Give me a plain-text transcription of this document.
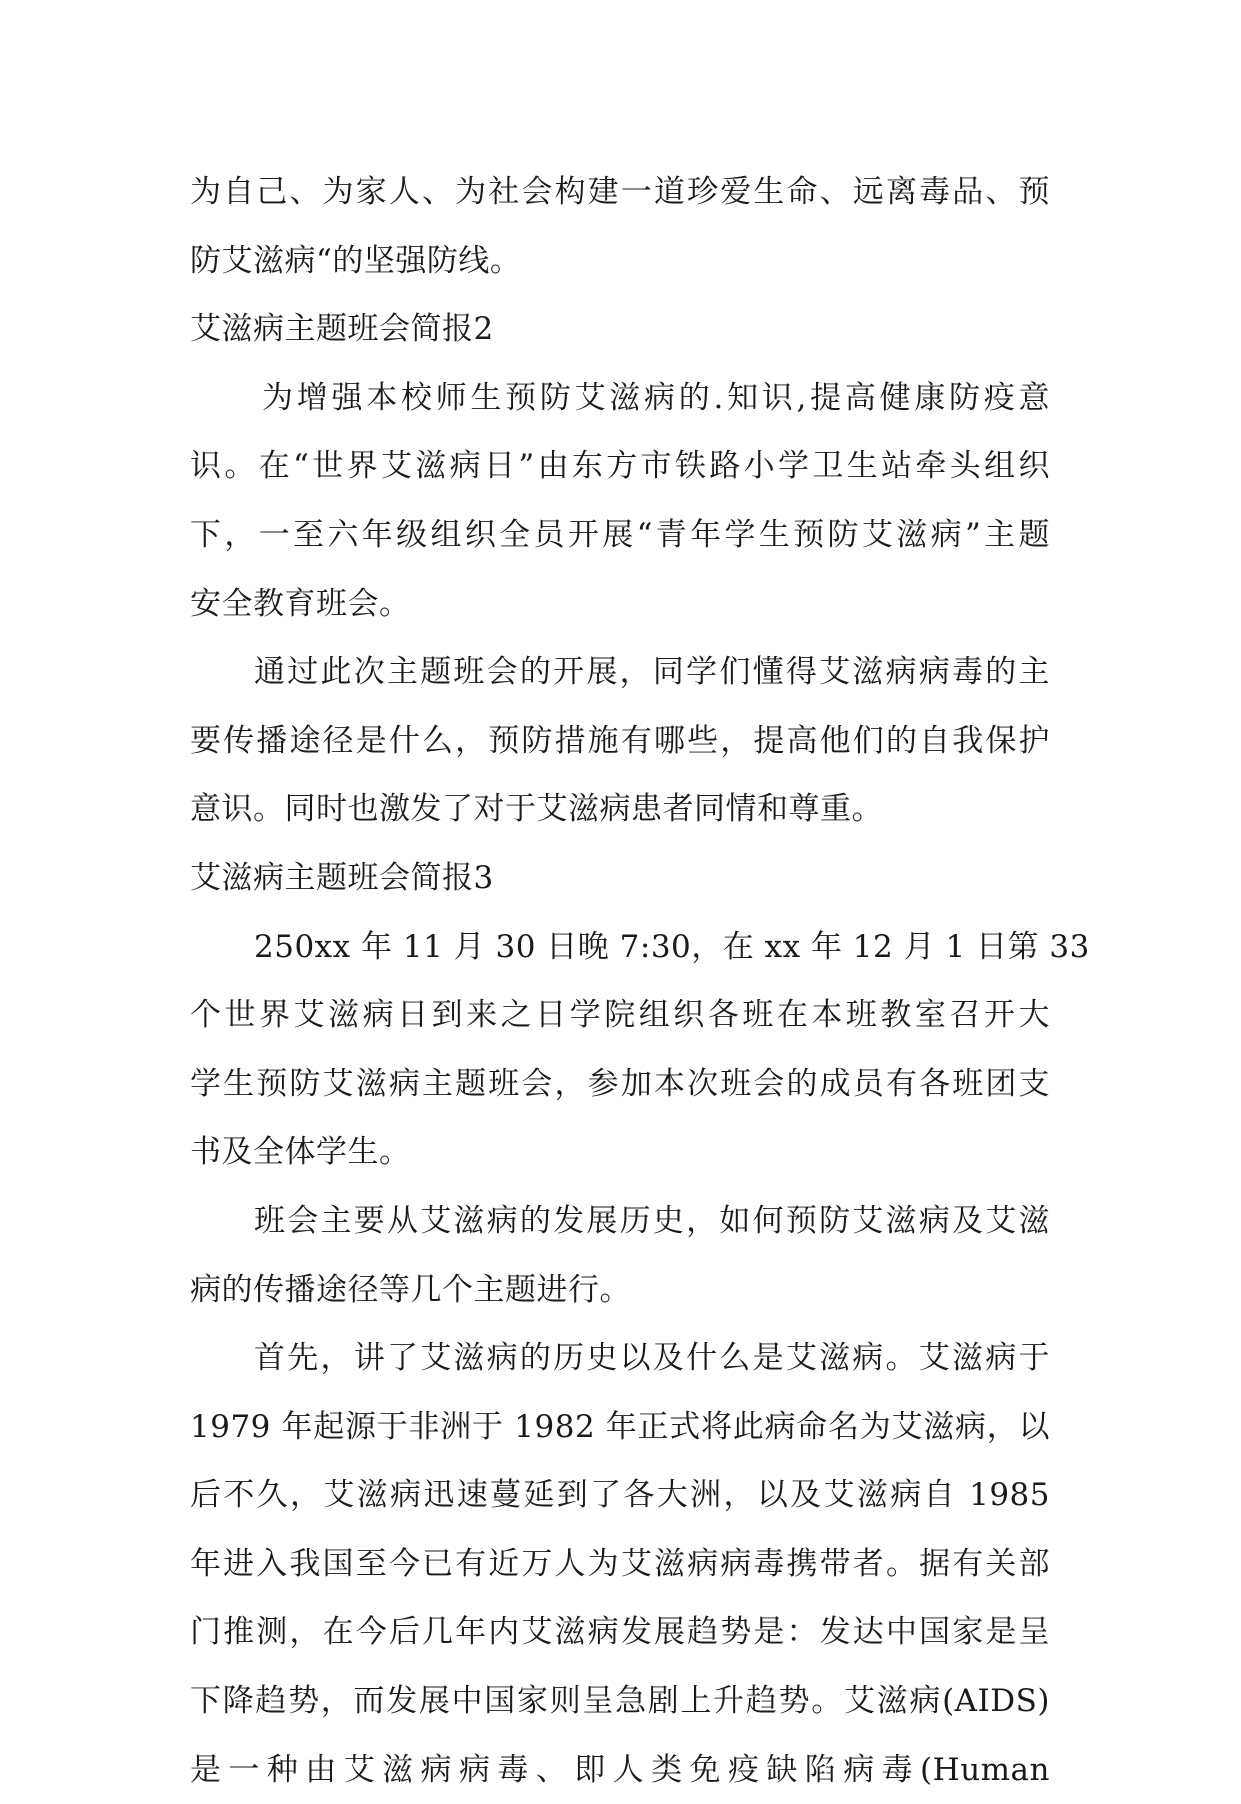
为自己、为家人、为社会构建一道珍爱生命、远离毒品、预
防艾滋病“的坚强防线。
艾滋病主题班会简报2
为增强本校师生预防艾滋病的.知识,提高健康防疫意
识。在“世界艾滋病日”由东方市铁路小学卫生站牵头组织
下，一至六年级组织全员开展“青年学生预防艾滋病”主题
安全教育班会。
通过此次主题班会的开展，同学们懂得艾滋病病毒的主
要传播途径是什么，预防措施有哪些，提高他们的自我保护
意识。同时也激发了对于艾滋病患者同情和尊重。
艾滋病主题班会简报3
250xx 年 11 月 30 日晚 7:30，在 xx 年 12 月 1 日第 33
个世界艾滋病日到来之日学院组织各班在本班教室召开大
学生预防艾滋病主题班会，参加本次班会的成员有各班团支
书及全体学生。
班会主要从艾滋病的发展历史，如何预防艾滋病及艾滋
病的传播途径等几个主题进行。
首先，讲了艾滋病的历史以及什么是艾滋病。艾滋病于
1979 年起源于非洲于 1982 年正式将此病命名为艾滋病，以
后不久，艾滋病迅速蔓延到了各大洲，以及艾滋病自 1985
年进入我国至今已有近万人为艾滋病病毒携带者。据有关部
门推测，在今后几年内艾滋病发展趋势是：发达中国家是呈
下降趋势，而发展中国家则呈急剧上升趋势。艾滋病(AIDS)
是一种由艾滋病病毒、即人类免疫缺陷病毒(Human
